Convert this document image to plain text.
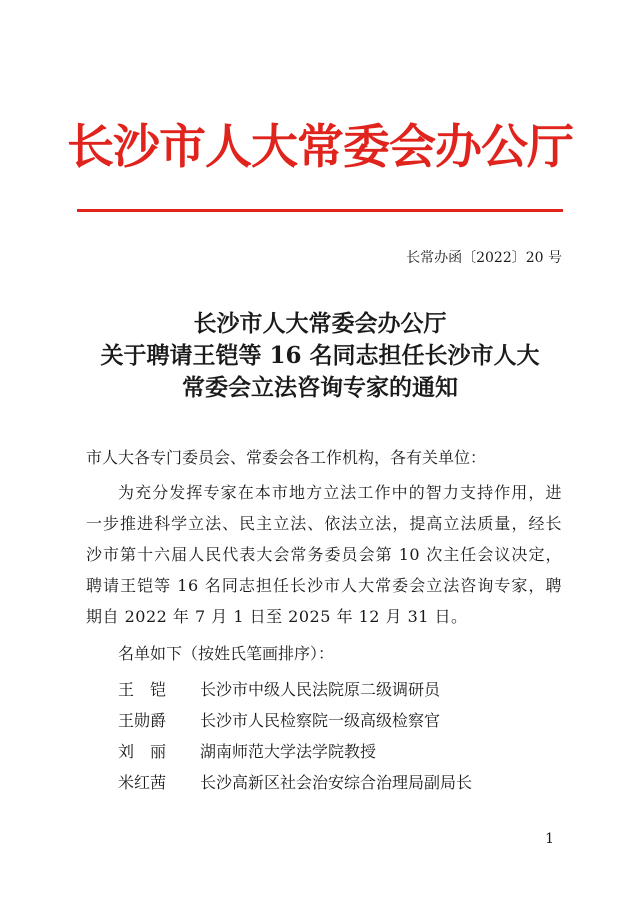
长沙市人大常委会办公厅
长常办函〔2022〕20 号
长沙市人大常委会办公厅
关于聘请王铠等 16 名同志担任长沙市人大
常委会立法咨询专家的通知
市人大各专门委员会、常委会各工作机构，各有关单位：
为充分发挥专家在本市地方立法工作中的智力支持作用，进一步推进科学立法、民主立法、依法立法，提高立法质量，经长沙市第十六届人民代表大会常务委员会第 10 次主任会议决定，聘请王铠等 16 名同志担任长沙市人大常委会立法咨询专家，聘期自 2022 年 7 月 1 日至 2025 年 12 月 31 日。
名单如下（按姓氏笔画排序）：
王　铠	长沙市中级人民法院原二级调研员
王勋爵	长沙市人民检察院一级高级检察官
刘　丽	湖南师范大学法学院教授
米红茜	长沙高新区社会治安综合治理局副局长
1
